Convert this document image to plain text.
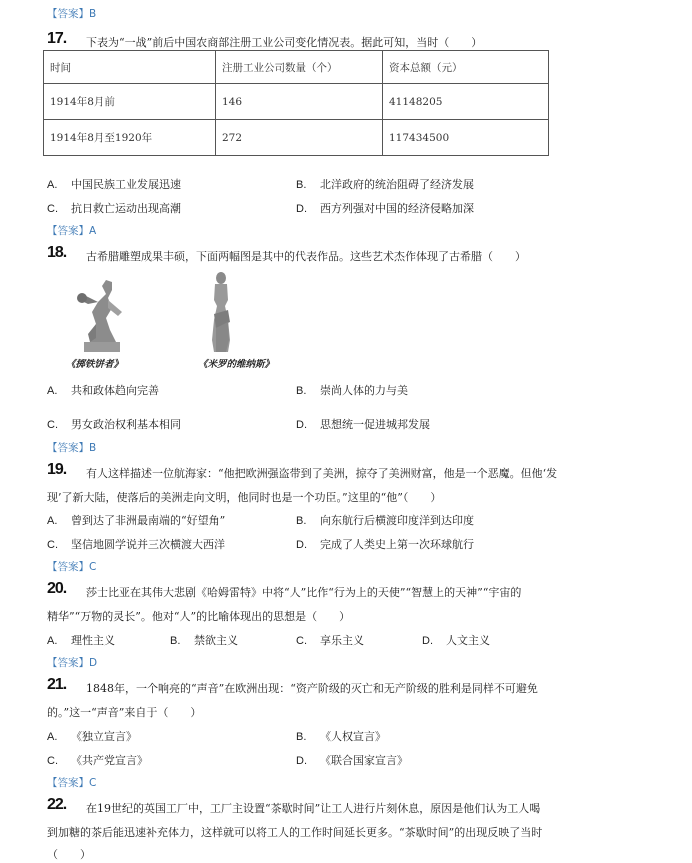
【答案】B
17. 下表为“一战”前后中国农商部注册工业公司变化情况表。据此可知，当时（　　）
时间	注册工业公司数量（个）	资本总额（元）
1914年8月前	146	41148205
1914年8月至1920年	272	117434500
A. 中国民族工业发展迅速	B. 北洋政府的统治阻碍了经济发展
C. 抗日救亡运动出现高潮	D. 西方列强对中国的经济侵略加深
【答案】A
18. 古希腊雕塑成果丰硕，下面两幅图是其中的代表作品。这些艺术杰作体现了古希腊（　　）
《掷铁饼者》	《米罗的维纳斯》
A. 共和政体趋向完善	B. 崇尚人体的力与美
C. 男女政治权利基本相同	D. 思想统一促进城邦发展
【答案】B
19. 有人这样描述一位航海家：“他把欧洲强盗带到了美洲，掠夺了美洲财富，他是一个恶魔。但他‘发
现’了新大陆，使落后的美洲走向文明，他同时也是一个功臣。”这里的“他”（　　）
A. 曾到达了非洲最南端的“好望角”	B. 向东航行后横渡印度洋到达印度
C. 坚信地圆学说并三次横渡大西洋	D. 完成了人类史上第一次环球航行
【答案】C
20. 莎士比亚在其伟大悲剧《哈姆雷特》中将“人”比作“行为上的天使”“智慧上的天神”“宇宙的
精华”“万物的灵长”。他对“人”的比喻体现出的思想是（　　）
A. 理性主义	B. 禁欲主义	C. 享乐主义	D. 人文主义
【答案】D
21. 1848年，一个响亮的“声音”在欧洲出现：“资产阶级的灭亡和无产阶级的胜利是同样不可避免
的。”这一“声音”来自于（　　）
A. 《独立宣言》	B. 《人权宣言》
C. 《共产党宣言》	D. 《联合国家宣言》
【答案】C
22. 在19世纪的英国工厂中，工厂主设置“茶歇时间”让工人进行片刻休息，原因是他们认为工人喝
到加糖的茶后能迅速补充体力，这样就可以将工人的工作时间延长更多。“茶歇时间”的出现反映了当时
（　　）
